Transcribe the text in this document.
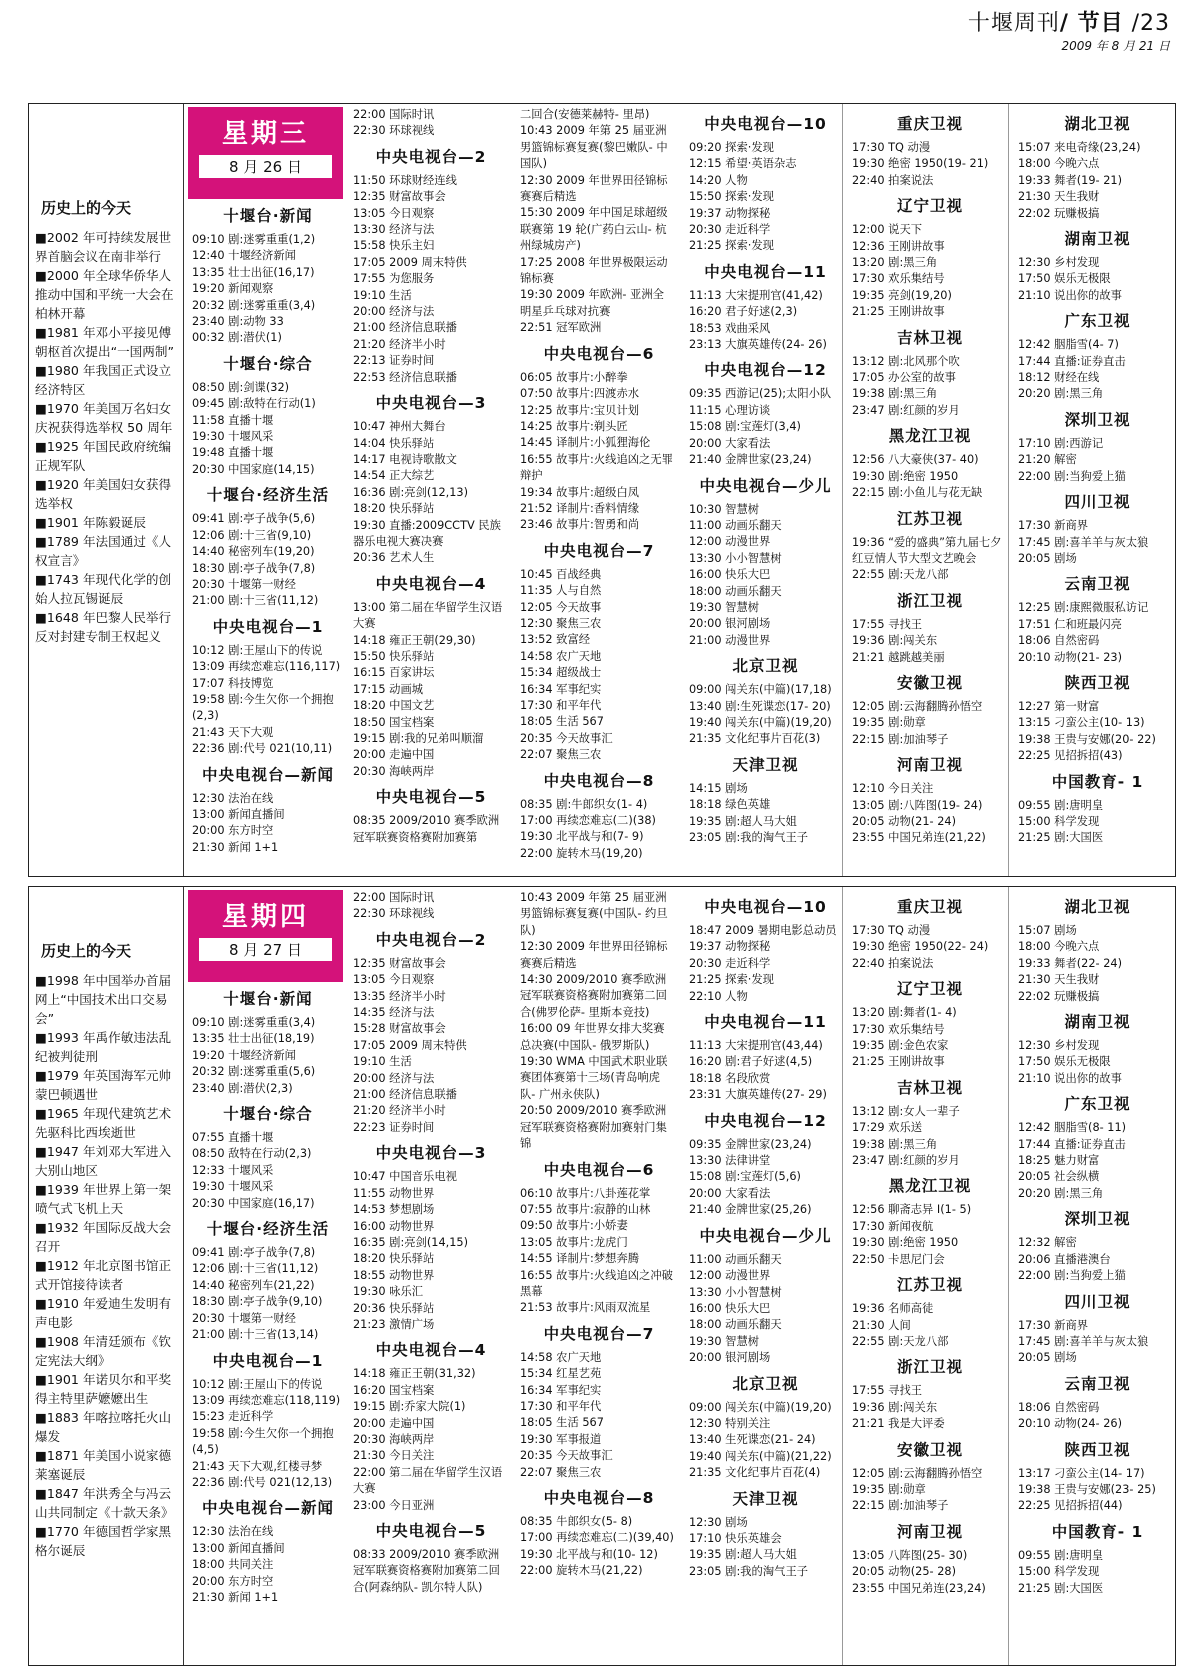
十堰周刊/ 节目 /23
2009 年 8 月 21 日
历史上的今天
■2002 年可持续发展世界首脑会议在南非举行
■2000 年全球华侨华人推动中国和平统一大会在柏林开幕
■1981 年邓小平接见傅朝枢首次提出“一国两制”
■1980 年我国正式设立经济特区
■1970 年美国万名妇女庆祝获得选举权 50 周年
■1925 年国民政府统编正规军队
■1920 年美国妇女获得选举权
■1901 年陈毅诞辰
■1789 年法国通过《人权宣言》
■1743 年现代化学的创始人拉瓦锡诞辰
■1648 年巴黎人民举行反对封建专制王权起义
星期三
8 月 26 日
十堰台·新闻
09:10 剧:迷雾重重(1,2)
12:40 十堰经济新闻
13:35 壮士出征(16,17)
19:20 新闻观察
20:32 剧:迷雾重重(3,4)
23:40 剧:动物 33
00:32 剧:潜伏(1)
十堰台·综合
08:50 剧:剑谍(32)
09:45 剧:敌特在行动(1)
11:58 直播十堰
19:30 十堰风采
19:48 直播十堰
20:30 中国家庭(14,15)
十堰台·经济生活
09:41 剧:亭子战争(5,6)
12:06 剧:十三省(9,10)
14:40 秘密列车(19,20)
18:30 剧:亭子战争(7,8)
20:30 十堰第一财经
21:00 剧:十三省(11,12)
中央电视台—1
10:12 剧:王屋山下的传说
13:09 再续恋难忘(116,117)
17:07 科技博览
19:58 剧:今生欠你一个拥抱(2,3)
21:43 天下大观
22:36 剧:代号 021(10,11)
中央电视台—新闻
12:30 法治在线
13:00 新闻直播间
20:00 东方时空
21:30 新闻 1+1
22:00 国际时讯
22:30 环球视线
中央电视台—2
11:50 环球财经连线
12:35 财富故事会
13:05 今日观察
13:30 经济与法
15:58 快乐主妇
17:05 2009 周末特供
17:55 为您服务
19:10 生活
20:00 经济与法
21:00 经济信息联播
21:20 经济半小时
22:13 证券时间
22:53 经济信息联播
中央电视台—3
10:47 神州大舞台
14:04 快乐驿站
14:17 电视诗歌散文
14:54 正大综艺
16:36 剧:亮剑(12,13)
18:20 快乐驿站
19:30 直播:2009CCTV 民族器乐电视大赛决赛
20:36 艺术人生
中央电视台—4
13:00 第二届在华留学生汉语大赛
14:18 雍正王朝(29,30)
15:50 快乐驿站
16:15 百家讲坛
17:15 动画城
18:20 中国文艺
18:50 国宝档案
19:15 剧:我的兄弟叫顺溜
20:00 走遍中国
20:30 海峡两岸
中央电视台—5
08:35 2009/2010 赛季欧洲冠军联赛资格赛附加赛第
二回合(安德莱赫特- 里昂)
10:43 2009 年第 25 届亚洲男篮锦标赛复赛(黎巴嫩队- 中国队)
12:30 2009 年世界田径锦标赛赛后精选
15:30 2009 年中国足球超级联赛第 19 轮(广药白云山- 杭州绿城房产)
17:25 2008 年世界极限运动锦标赛
19:30 2009 年欧洲- 亚洲全明星乒乓球对抗赛
22:51 冠军欧洲
中央电视台—6
06:05 故事片:小醉拳
07:50 故事片:四渡赤水
12:25 故事片:宝贝计划
14:25 故事片:剃头匠
14:45 译制片:小狐狸海伦
16:55 故事片:火线追凶之无罪辩护
19:34 故事片:超级白凤
21:52 译制片:香料情缘
23:46 故事片:智勇和尚
中央电视台—7
10:45 百战经典
11:35 人与自然
12:05 今天故事
12:30 聚焦三农
13:52 致富经
14:58 农广天地
15:34 超级战士
16:34 军事纪实
17:30 和平年代
18:05 生活 567
20:35 今天故事汇
22:07 聚焦三农
中央电视台—8
08:35 剧:牛郎织女(1- 4)
17:00 再续恋难忘(二)(38)
19:30 北平战与和(7- 9)
22:00 旋转木马(19,20)
中央电视台—10
09:20 探索·发现
12:15 希望·英语杂志
14:20 人物
15:50 探索·发现
19:37 动物探秘
20:30 走近科学
21:25 探索·发现
中央电视台—11
11:13 大宋提刑官(41,42)
16:20 君子好逑(2,3)
18:53 戏曲采风
23:13 大旗英雄传(24- 26)
中央电视台—12
09:35 西游记(25);太阳小队
11:15 心理访谈
15:08 剧:宝莲灯(3,4)
20:00 大家看法
21:40 金牌世家(23,24)
中央电视台—少儿
10:30 智慧树
11:00 动画乐翻天
12:00 动漫世界
13:30 小小智慧树
16:00 快乐大巴
18:00 动画乐翻天
19:30 智慧树
20:00 银河剧场
21:00 动漫世界
北京卫视
09:00 闯关东(中篇)(17,18)
13:40 剧:生死谍恋(17- 20)
19:40 闯关东(中篇)(19,20)
21:35 文化纪事片百花(3)
天津卫视
14:15 剧场
18:18 绿色英雄
19:35 剧:超人马大姐
23:05 剧:我的淘气王子
重庆卫视
17:30 TQ 动漫
19:30 绝密 1950(19- 21)
22:40 拍案说法
辽宁卫视
12:00 说天下
12:36 王刚讲故事
13:20 剧:黑三角
17:30 欢乐集结号
19:35 亮剑(19,20)
21:25 王刚讲故事
吉林卫视
13:12 剧:北风那个吹
17:05 办公室的故事
19:38 剧:黑三角
23:47 剧:红颜的岁月
黑龙江卫视
12:56 八大豪侠(37- 40)
19:30 剧:绝密 1950
22:15 剧:小鱼儿与花无缺
江苏卫视
19:36 “爱的盛典”第九届七夕红豆情人节大型文艺晚会
22:55 剧:天龙八部
浙江卫视
17:55 寻找王
19:36 剧:闯关东
21:21 越跳越美丽
安徽卫视
12:05 剧:云海翻腾孙悟空
19:35 剧:勋章
22:15 剧:加油琴子
河南卫视
12:10 今日关注
13:05 剧:八阵图(19- 24)
20:05 动物(21- 24)
23:55 中国兄弟连(21,22)
湖北卫视
15:07 来电奇缘(23,24)
18:00 今晚六点
19:33 舞者(19- 21)
21:30 天生我财
22:02 玩赚极搞
湖南卫视
12:30 乡村发现
17:50 娱乐无极限
21:10 说出你的故事
广东卫视
12:42 胭脂雪(4- 7)
17:44 直播:证券直击
18:12 财经在线
20:20 剧:黑三角
深圳卫视
17:10 剧:西游记
21:20 解密
22:00 剧:当狗爱上猫
四川卫视
17:30 新商界
17:45 剧:喜羊羊与灰太狼
20:05 剧场
云南卫视
12:25 剧:康熙微服私访记
17:51 仁和班最闪亮
18:06 自然密码
20:10 动物(21- 23)
陕西卫视
12:27 第一财富
13:15 刁蛮公主(10- 13)
19:38 王贵与安娜(20- 22)
22:25 见招拆招(43)
中国教育- 1
09:55 剧:唐明皇
15:00 科学发现
21:25 剧:大国医
历史上的今天
■1998 年中国举办首届网上“中国技术出口交易会”
■1993 年禹作敏违法乱纪被判徒刑
■1979 年英国海军元帅蒙巴顿遇世
■1965 年现代建筑艺术先驱科比西埃逝世
■1947 年刘邓大军进入大别山地区
■1939 年世界上第一架喷气式飞机上天
■1932 年国际反战大会召开
■1912 年北京图书馆正式开馆接待读者
■1910 年爱迪生发明有声电影
■1908 年清廷颁布《钦定宪法大纲》
■1901 年诺贝尔和平奖得主特里萨嬷嬷出生
■1883 年喀拉喀托火山爆发
■1871 年美国小说家德莱塞诞辰
■1847 年洪秀全与冯云山共同制定《十款天条》
■1770 年德国哲学家黑格尔诞辰
星期四
8 月 27 日
十堰台·新闻
09:10 剧:迷雾重重(3,4)
13:35 壮士出征(18,19)
19:20 十堰经济新闻
20:32 剧:迷雾重重(5,6)
23:40 剧:潜伏(2,3)
十堰台·综合
07:55 直播十堰
08:50 敌特在行动(2,3)
12:33 十堰风采
19:30 十堰风采
20:30 中国家庭(16,17)
十堰台·经济生活
09:41 剧:亭子战争(7,8)
12:06 剧:十三省(11,12)
14:40 秘密列车(21,22)
18:30 剧:亭子战争(9,10)
20:30 十堰第一财经
21:00 剧:十三省(13,14)
中央电视台—1
10:12 剧:王屋山下的传说
13:09 再续恋难忘(118,119)
15:23 走近科学
19:58 剧:今生欠你一个拥抱(4,5)
21:43 天下大观,红楼寻梦
22:36 剧:代号 021(12,13)
中央电视台—新闻
12:30 法治在线
13:00 新闻直播间
18:00 共同关注
20:00 东方时空
21:30 新闻 1+1
22:00 国际时讯
22:30 环球视线
中央电视台—2
12:35 财富故事会
13:05 今日观察
13:35 经济半小时
14:35 经济与法
15:28 财富故事会
17:05 2009 周末特供
19:10 生活
20:00 经济与法
21:00 经济信息联播
21:20 经济半小时
22:23 证券时间
中央电视台—3
10:47 中国音乐电视
11:55 动物世界
14:53 梦想剧场
16:00 动物世界
16:35 剧:亮剑(14,15)
18:20 快乐驿站
18:55 动物世界
19:30 咏乐汇
20:36 快乐驿站
21:23 激情广场
中央电视台—4
14:18 雍正王朝(31,32)
16:20 国宝档案
19:15 剧:乔家大院(1)
20:00 走遍中国
20:30 海峡两岸
21:30 今日关注
22:00 第二届在华留学生汉语大赛
23:00 今日亚洲
中央电视台—5
08:33 2009/2010 赛季欧洲冠军联赛资格赛附加赛第二回合(阿森纳队- 凯尔特人队)
10:43 2009 年第 25 届亚洲男篮锦标赛复赛(中国队- 约旦队)
12:30 2009 年世界田径锦标赛赛后精选
14:30 2009/2010 赛季欧洲冠军联赛资格赛附加赛第二回合(佛罗伦萨- 里斯本竞技)
16:00 09 年世界女排大奖赛总决赛(中国队- 俄罗斯队)
19:30 WMA 中国武术职业联赛团体赛第十三场(青岛响虎队- 广州永侠队)
20:50 2009/2010 赛季欧洲冠军联赛资格赛附加赛射门集锦
中央电视台—6
06:10 故事片:八卦莲花掌
07:55 故事片:寂静的山林
09:50 故事片:小娇妻
13:05 故事片:龙虎门
14:55 译制片:梦想奔腾
16:55 故事片:火线追凶之冲破黑幕
21:53 故事片:风雨双流星
中央电视台—7
14:58 农广天地
15:34 红星艺苑
16:34 军事纪实
17:30 和平年代
18:05 生活 567
19:30 军事报道
20:35 今天故事汇
22:07 聚焦三农
中央电视台—8
08:35 牛郎织女(5- 8)
17:00 再续恋难忘(二)(39,40)
19:30 北平战与和(10- 12)
22:00 旋转木马(21,22)
中央电视台—10
18:47 2009 暑期电影总动员
19:37 动物探秘
20:30 走近科学
21:25 探索·发现
22:10 人物
中央电视台—11
11:13 大宋提刑官(43,44)
16:20 剧:君子好逑(4,5)
18:18 名段欣赏
23:31 大旗英雄传(27- 29)
中央电视台—12
09:35 金牌世家(23,24)
13:30 法律讲堂
15:08 剧:宝莲灯(5,6)
20:00 大家看法
21:40 金牌世家(25,26)
中央电视台—少儿
11:00 动画乐翻天
12:00 动漫世界
13:30 小小智慧树
16:00 快乐大巴
18:00 动画乐翻天
19:30 智慧树
20:00 银河剧场
北京卫视
09:00 闯关东(中篇)(19,20)
12:30 特别关注
13:40 生死谍恋(21- 24)
19:40 闯关东(中篇)(21,22)
21:35 文化纪事片百花(4)
天津卫视
12:30 剧场
17:10 快乐英雄会
19:35 剧:超人马大姐
23:05 剧:我的淘气王子
重庆卫视
17:30 TQ 动漫
19:30 绝密 1950(22- 24)
22:40 拍案说法
辽宁卫视
13:20 剧:舞者(1- 4)
17:30 欢乐集结号
19:35 剧:金色农家
21:25 王刚讲故事
吉林卫视
13:12 剧:女人一辈子
17:29 欢乐送
19:38 剧:黑三角
23:47 剧:红颜的岁月
黑龙江卫视
12:56 聊斋志异 I(1- 5)
17:30 新闻夜航
19:30 剧:绝密 1950
22:50 卡思尼门会
江苏卫视
19:36 名师高徒
21:30 人间
22:55 剧:天龙八部
浙江卫视
17:55 寻找王
19:36 剧:闯关东
21:21 我是大评委
安徽卫视
12:05 剧:云海翻腾孙悟空
19:35 剧:勋章
22:15 剧:加油琴子
河南卫视
13:05 八阵图(25- 30)
20:05 动物(25- 28)
23:55 中国兄弟连(23,24)
湖北卫视
15:07 剧场
18:00 今晚六点
19:33 舞者(22- 24)
21:30 天生我财
22:02 玩赚极搞
湖南卫视
12:30 乡村发现
17:50 娱乐无极限
21:10 说出你的故事
广东卫视
12:42 胭脂雪(8- 11)
17:44 直播:证券直击
18:25 魅力财富
20:05 社会纵横
20:20 剧:黑三角
深圳卫视
12:32 解密
20:06 直播港澳台
22:00 剧:当狗爱上猫
四川卫视
17:30 新商界
17:45 剧:喜羊羊与灰太狼
20:05 剧场
云南卫视
18:06 自然密码
20:10 动物(24- 26)
陕西卫视
13:17 刁蛮公主(14- 17)
19:38 王贵与安娜(23- 25)
22:25 见招拆招(44)
中国教育- 1
09:55 剧:唐明皇
15:00 科学发现
21:25 剧:大国医
